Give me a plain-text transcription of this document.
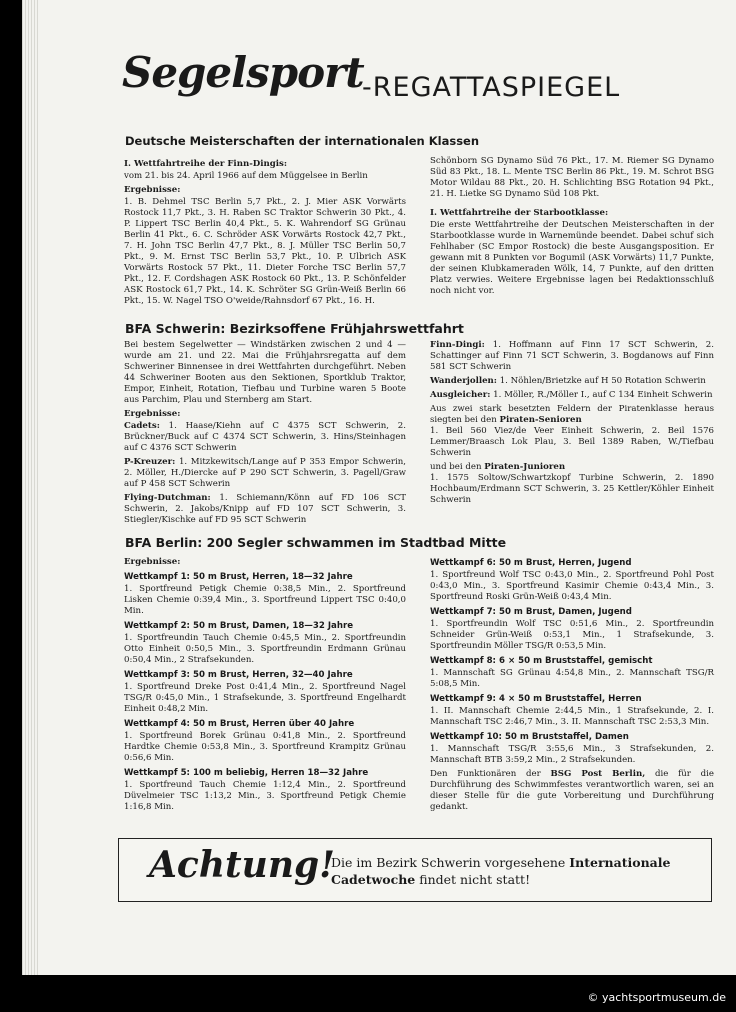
Segelsport
-REGATTASPIEGEL
Deutsche Meisterschaften der internationalen Klassen

I. Wettfahrtreihe der Finn-Dingis:

vom 21. bis 24. April 1966 auf dem Müggelsee in Berlin

Ergebnisse:

1. B. Dehmel TSC Berlin 5,7 Pkt., 2. J. Mier ASK Vorwärts Rostock 11,7 Pkt., 3. H. Raben SC Traktor Schwerin 30 Pkt., 4. P. Lippert TSC Berlin 40,4 Pkt., 5. K. Wahrendorf SG Grünau Berlin 41 Pkt., 6. C. Schröder ASK Vorwärts Rostock 42,7 Pkt., 7. H. John TSC Berlin 47,7 Pkt., 8. J. Müller TSC Berlin 50,7 Pkt., 9. M. Ernst TSC Berlin 53,7 Pkt., 10. P. Ulbrich ASK Vorwärts Rostock 57 Pkt., 11. Dieter Forche TSC Berlin 57,7 Pkt., 12. F. Cordshagen ASK Rostock 60 Pkt., 13. P. Schönfelder ASK Rostock 61,7 Pkt., 14. K. Schröter SG Grün-Weiß Berlin 66 Pkt., 15. W. Nagel TSO O'weide/Rahnsdorf 67 Pkt., 16. H.

Schönborn SG Dynamo Süd 76 Pkt., 17. M. Riemer SG Dynamo Süd 83 Pkt., 18. L. Mente TSC Berlin 86 Pkt., 19. M. Schrot BSG Motor Wildau 88 Pkt., 20. H. Schlichting BSG Rotation 94 Pkt., 21. H. Lietke SG Dynamo Süd 108 Pkt.

I. Wettfahrtreihe der Starbootklasse:

Die erste Wettfahrtreihe der Deutschen Meisterschaften in der Starbootklasse wurde in Warnemünde beendet. Dabei schuf sich Fehlhaber (SC Empor Rostock) die beste Ausgangsposition. Er gewann mit 8 Punkten vor Bogumil (ASK Vorwärts) 11,7 Punkte, der seinen Klubkameraden Wölk, 14, 7 Punkte, auf den dritten Platz verwies. Weitere Ergebnisse lagen bei Redaktionsschluß noch nicht vor.

BFA Schwerin: Bezirksoffene Frühjahrswettfahrt

Bei bestem Segelwetter — Windstärken zwischen 2 und 4 — wurde am 21. und 22. Mai die Frühjahrsregatta auf dem Schweriner Binnensee in drei Wettfahrten durchgeführt. Neben 44 Schweriner Booten aus den Sektionen, Sportklub Traktor, Empor, Einheit, Rotation, Tiefbau und Turbine waren 5 Boote aus Parchim, Plau und Sternberg am Start.

Ergebnisse:

Cadets: 1. Haase/Kiehn auf C 4375 SCT Schwerin, 2. Brückner/Buck auf C 4374 SCT Schwerin, 3. Hins/Steinhagen auf C 4376 SCT Schwerin

P-Kreuzer: 1. Mitzkewitsch/Lange auf P 353 Empor Schwerin, 2. Möller, H./Diercke auf P 290 SCT Schwerin, 3. Pagell/Graw auf P 458 SCT Schwerin

Flying-Dutchman: 1. Schiemann/Könn auf FD 106 SCT Schwerin, 2. Jakobs/Knipp auf FD 107 SCT Schwerin, 3. Stiegler/Kischke auf FD 95 SCT Schwerin

Finn-Dingi: 1. Hoffmann auf Finn 17 SCT Schwerin, 2. Schattinger auf Finn 71 SCT Schwerin, 3. Bogdanows auf Finn 581 SCT Schwerin

Wanderjollen: 1. Nöhlen/Brietzke auf H 50 Rotation Schwerin

Ausgleicher: 1. Möller, R./Möller I., auf C 134 Einheit Schwerin

Aus zwei stark besetzten Feldern der Piratenklasse heraus siegten bei den Piraten-Senioren
1. Beil 560 Viez/de Veer Einheit Schwerin, 2. Beil 1576 Lemmer/Braasch Lok Plau, 3. Beil 1389 Raben, W./Tiefbau Schwerin

und bei den Piraten-Junioren
1. 1575 Soltow/Schwartzkopf Turbine Schwerin, 2. 1890 Hochbaum/Erdmann SCT Schwerin, 3. 25 Kettler/Köhler Einheit Schwerin

BFA Berlin: 200 Segler schwammen im Stadtbad Mitte

Ergebnisse:

Wettkampf 1: 50 m Brust, Herren, 18—32 Jahre

1. Sportfreund Petigk Chemie 0:38,5 Min., 2. Sportfreund Lisken Chemie 0:39,4 Min., 3. Sportfreund Lippert TSC 0:40,0 Min.

Wettkampf 2: 50 m Brust, Damen, 18—32 Jahre

1. Sportfreundin Tauch Chemie 0:45,5 Min., 2. Sportfreundin Otto Einheit 0:50,5 Min., 3. Sportfreundin Erdmann Grünau 0:50,4 Min., 2 Strafsekunden.

Wettkampf 3: 50 m Brust, Herren, 32—40 Jahre

1. Sportfreund Dreke Post 0:41,4 Min., 2. Sportfreund Nagel TSG/R 0:45,0 Min., 1 Strafsekunde, 3. Sportfreund Engelhardt Einheit 0:48,2 Min.

Wettkampf 4: 50 m Brust, Herren über 40 Jahre

1. Sportfreund Borek Grünau 0:41,8 Min., 2. Sportfreund Hardtke Chemie 0:53,8 Min., 3. Sportfreund Krampitz Grünau 0:56,6 Min.

Wettkampf 5: 100 m beliebig, Herren 18—32 Jahre

1. Sportfreund Tauch Chemie 1:12,4 Min., 2. Sportfreund Düvelmeier TSC 1:13,2 Min., 3. Sportfreund Petigk Chemie 1:16,8 Min.

Wettkampf 6: 50 m Brust, Herren, Jugend

1. Sportfreund Wolf TSC 0:43,0 Min., 2. Sportfreund Pohl Post 0:43,0 Min., 3. Sportfreund Kasimir Chemie 0:43,4 Min., 3. Sportfreund Roski Grün-Weiß 0:43,4 Min.

Wettkampf 7: 50 m Brust, Damen, Jugend

1. Sportfreundin Wolf TSC 0:51,6 Min., 2. Sportfreundin Schneider Grün-Weiß 0:53,1 Min., 1 Strafsekunde, 3. Sportfreundin Möller TSG/R 0:53,5 Min.

Wettkampf 8: 6 × 50 m Bruststaffel, gemischt

1. Mannschaft SG Grünau 4:54,8 Min., 2. Mannschaft TSG/R 5:08,5 Min.

Wettkampf 9: 4 × 50 m Bruststaffel, Herren

1. II. Mannschaft Chemie 2:44,5 Min., 1 Strafsekunde, 2. I. Mannschaft TSC 2:46,7 Min., 3. II. Mannschaft TSC 2:53,3 Min.

Wettkampf 10: 50 m Bruststaffel, Damen

1. Mannschaft TSG/R 3:55,6 Min., 3 Strafsekunden, 2. Mannschaft BTB 3:59,2 Min., 2 Strafsekunden.

Den Funktionären der BSG Post Berlin, die für die Durchführung des Schwimmfestes verantwortlich waren, sei an dieser Stelle für die gute Vorbereitung und Durchführung gedankt.

Achtung!
Die im Bezirk Schwerin vorgesehene Internationale
Cadetwoche findet nicht statt!
© yachtsportmuseum.de
